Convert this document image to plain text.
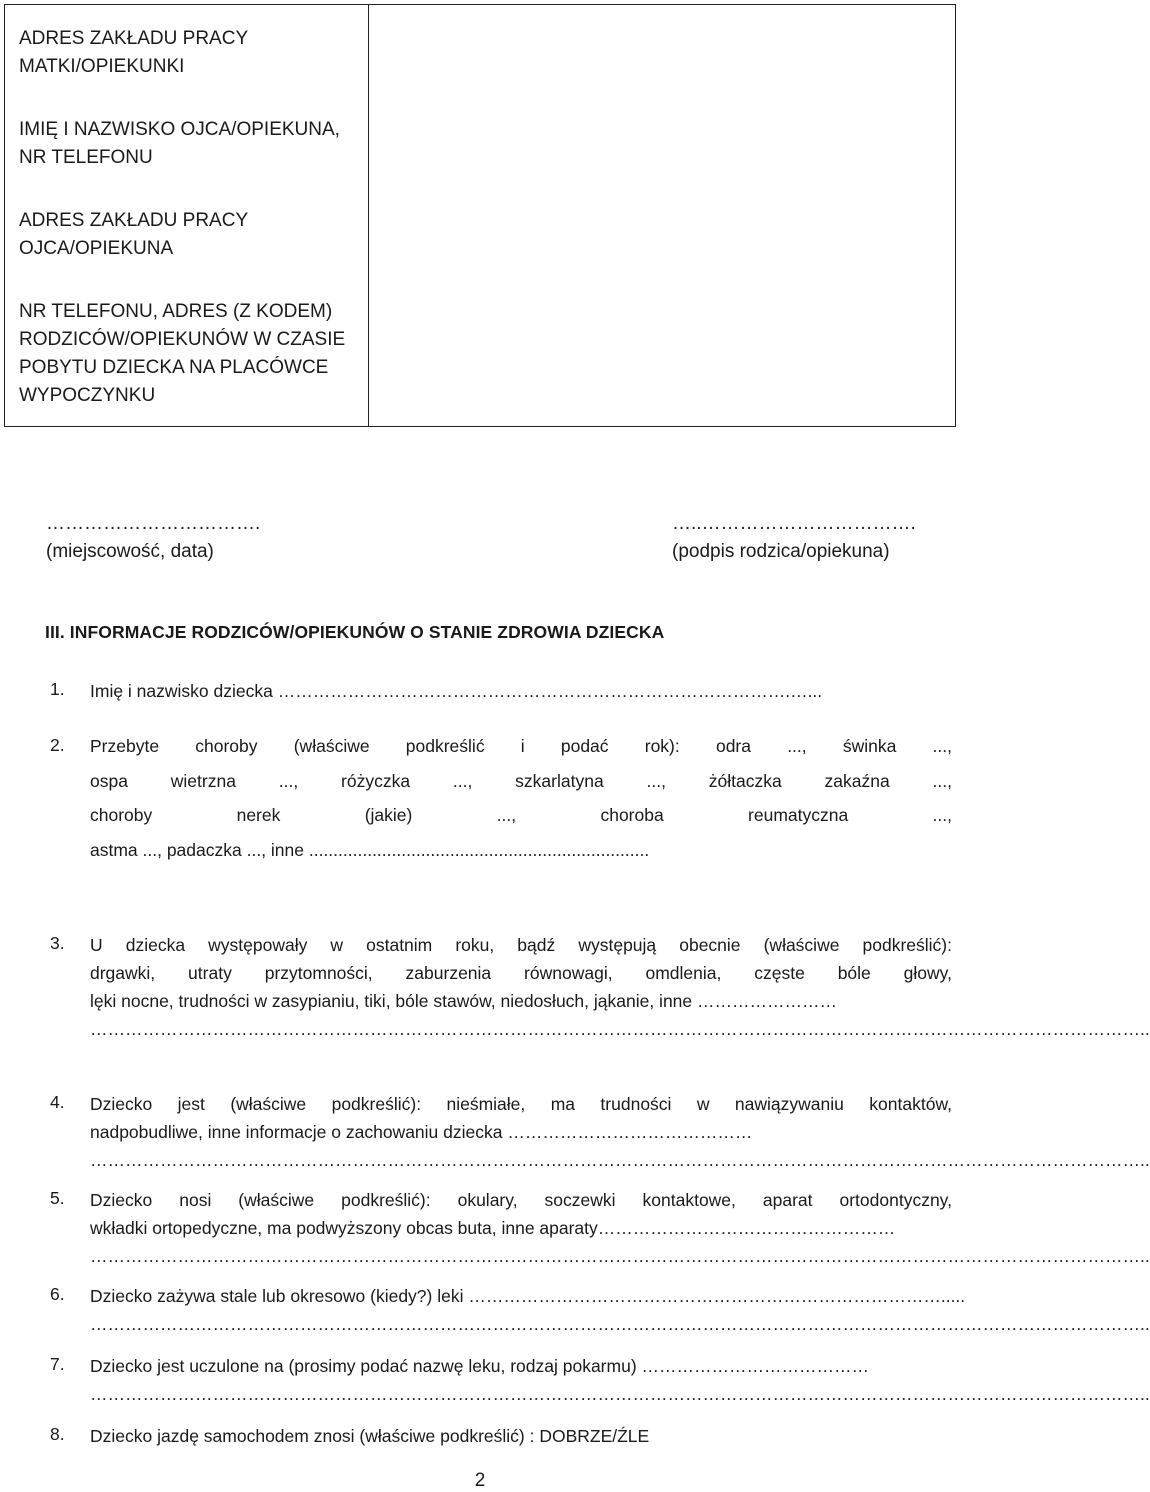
ADRES ZAKŁADU PRACY
MATKI/OPIEKUNKI
IMIĘ I NAZWISKO OJCA/OPIEKUNA,
NR TELEFONU
ADRES ZAKŁADU PRACY
OJCA/OPIEKUNA
NR TELEFONU, ADRES (Z KODEM)
RODZICÓW/OPIEKUNÓW W CZASIE
POBYTU DZIECKA NA PLACÓWCE
WYPOCZYNKU
…………………………….
(miejscowość, data)
…..…………………………….
(podpis rodzica/opiekuna)
III. INFORMACJE RODZICÓW/OPIEKUNÓW O STANIE ZDROWIA DZIECKA
1. Imię i nazwisko dziecka …………………………………………………………………………….…...
2. Przebyte choroby (właściwe podkreślić i podać rok): odra ..., świnka ...,
ospa wietrzna ..., różyczka ..., szkarlatyna ..., żółtaczka zakaźna ...,
choroby nerek (jakie) ..., choroba reumatyczna ...,
astma ..., padaczka ..., inne ......................................................................
3. U dziecka występowały w ostatnim roku, bądź występują obecnie (właściwe podkreślić):
drgawki, utraty przytomności, zaburzenia równowagi, omdlenia, częste bóle głowy,
lęki nocne, trudności w zasypianiu, tiki, bóle stawów, niedosłuch, jąkanie, inne ……………………
………………………………………………………………………………………………………………………………………………………………..
4. Dziecko jest (właściwe podkreślić): nieśmiałe, ma trudności w nawiązywaniu kontaktów,
nadpobudliwe, inne informacje o zachowaniu dziecka ……………………………………
………………………………………………………………………………………………………………………………………………………………..
5. Dziecko nosi (właściwe podkreślić): okulary, soczewki kontaktowe, aparat ortodontyczny,
wkładki ortopedyczne, ma podwyższony obcas buta, inne aparaty……………………………………………
………………………………………………………………………………………………………………………………………………………………..
6. Dziecko zażywa stale lub okresowo (kiedy?) leki ……………………………………………………………………….....
………………………………………………………………………………………………………………………………………………………………..
7. Dziecko jest uczulone na (prosimy podać nazwę leku, rodzaj pokarmu) …………………………………
………………………………………………………………………………………………………………………………………………………………..
8. Dziecko jazdę samochodem znosi (właściwe podkreślić) : DOBRZE/ŹLE
2
